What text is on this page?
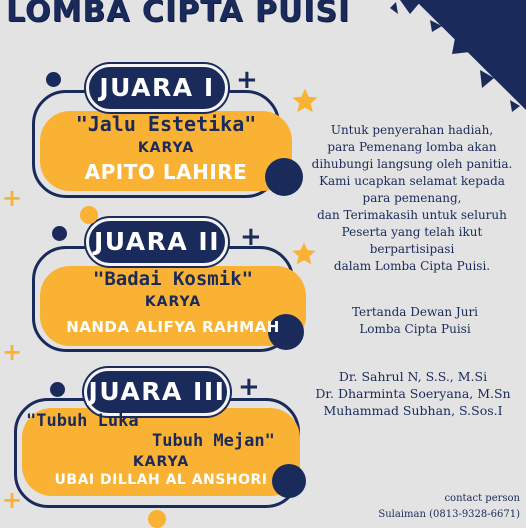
LOMBA CIPTA PUISI
JUARA I +
"Jalu Estetika"
KARYA
APITO LAHIRE
JUARA II +
"Badai Kosmik"
KARYA
NANDA ALIFYA RAHMAH
JUARA III +
"Tubuh Luka
Tubuh Mejan"
KARYA
UBAI DILLAH AL ANSHORI
+
+
+
Untuk penyerahan hadiah,
para Pemenang lomba akan
dihubungi langsung oleh panitia.
Kami ucapkan selamat kepada
para pemenang,
dan Terimakasih untuk seluruh
Peserta yang telah ikut
berpartisipasi
dalam Lomba Cipta Puisi.
Tertanda Dewan Juri
Lomba Cipta Puisi
Dr. Sahrul N, S.S., M.Si
Dr. Dharminta Soeryana, M.Sn
Muhammad Subhan, S.Sos.I
contact person
Sulaiman (0813-9328-6671)
